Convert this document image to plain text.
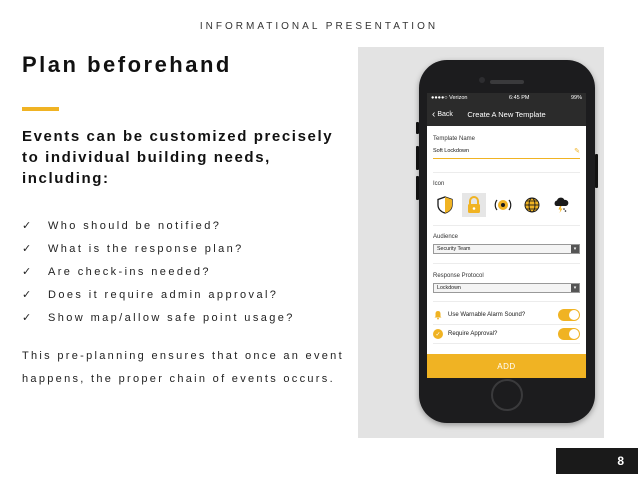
INFORMATIONAL PRESENTATION
Plan beforehand
Events can be customized precisely to individual building needs, including:
✓	Who should be notified?
✓	What is the response plan?
✓	Are check-ins needed?
✓	Does it require admin approval?
✓	Show map/allow safe point usage?
This pre-planning ensures that once an event happens, the proper chain of events occurs.
●●●●○ Verizon	6:45 PM	99%
‹ Back	Create A New Template
Template Name
Soft Lockdown	✎
Icon
Audience
Security Team	▾
Response Protocol
Lockdown	▾
Use Warnable Alarm Sound?
✓	Require Approval?
ADD
8
